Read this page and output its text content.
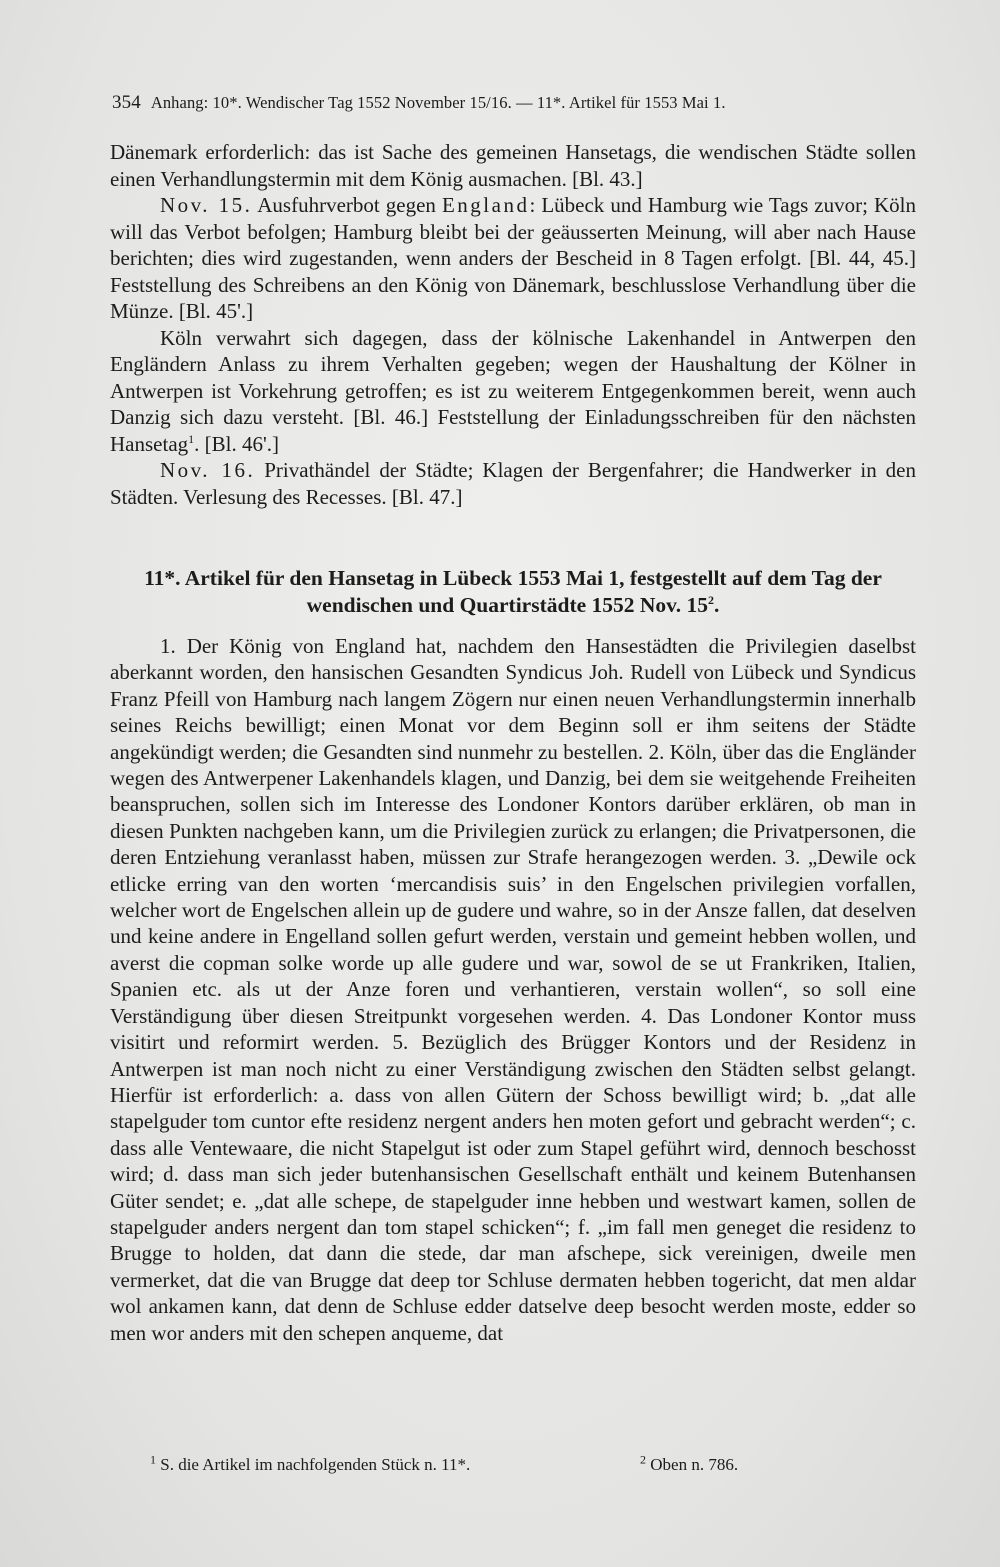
354 Anhang: 10*. Wendischer Tag 1552 November 15/16. — 11*. Artikel für 1553 Mai 1.

Dänemark erforderlich: das ist Sache des gemeinen Hansetags, die wendischen Städte sollen einen Verhandlungstermin mit dem König ausmachen. [Bl. 43.]

Nov. 15. Ausfuhrverbot gegen England: Lübeck und Hamburg wie Tags zuvor; Köln will das Verbot befolgen; Hamburg bleibt bei der geäusserten Meinung, will aber nach Hause berichten; dies wird zugestanden, wenn anders der Bescheid in 8 Tagen erfolgt. [Bl. 44, 45.] Feststellung des Schreibens an den König von Dänemark, beschlusslose Verhandlung über die Münze. [Bl. 45'.]

Köln verwahrt sich dagegen, dass der kölnische Lakenhandel in Antwerpen den Engländern Anlass zu ihrem Verhalten gegeben; wegen der Haushaltung der Kölner in Antwerpen ist Vorkehrung getroffen; es ist zu weiterem Entgegenkommen bereit, wenn auch Danzig sich dazu versteht. [Bl. 46.] Feststellung der Einladungsschreiben für den nächsten Hansetag$^1$. [Bl. 46'.]

Nov. 16. Privathändel der Städte; Klagen der Bergenfahrer; die Handwerker in den Städten. Verlesung des Recesses. [Bl. 47.]

11*. Artikel für den Hansetag in Lübeck 1553 Mai 1, festgestellt auf dem Tag der wendischen und Quartirstädte 1552 Nov. $15^2$.

1. Der König von England hat, nachdem den Hansestädten die Privilegien daselbst aberkannt worden, den hansischen Gesandten Syndicus Joh. Rudell von Lübeck und Syndicus Franz Pfeill von Hamburg nach langem Zögern nur einen neuen Verhandlungstermin innerhalb seines Reichs bewilligt; einen Monat vor dem Beginn soll er ihm seitens der Städte angekündigt werden; die Gesandten sind nunmehr zu bestellen. 2. Köln, über das die Engländer wegen des Antwerpener Lakenhandels klagen, und Danzig, bei dem sie weitgehende Freiheiten beanspruchen, sollen sich im Interesse des Londoner Kontors darüber erklären, ob man in diesen Punkten nachgeben kann, um die Privilegien zurück zu erlangen; die Privatpersonen, die deren Entziehung veranlasst haben, müssen zur Strafe herangezogen werden. 3. „Dewile ock etlicke erring van den worten ‘mercandisis suis’ in den Engelschen privilegien vorfallen, welcher wort de Engelschen allein up de gudere und wahre, so in der Ansze fallen, dat deselven und keine andere in Engelland sollen gefurt werden, verstain und gemeint hebben wollen, und averst die copman solke worde up alle gudere und war, sowol de se ut Frankriken, Italien, Spanien etc. als ut der Anze foren und verhantieren, verstain wollen“, so soll eine Verständigung über diesen Streitpunkt vorgesehen werden. 4. Das Londoner Kontor muss visitirt und reformirt werden. 5. Bezüglich des Brügger Kontors und der Residenz in Antwerpen ist man noch nicht zu einer Verständigung zwischen den Städten selbst gelangt. Hierfür ist erforderlich: a. dass von allen Gütern der Schoss bewilligt wird; b. „dat alle stapelguder tom cuntor efte residenz nergent anders hen moten gefort und gebracht werden“; c. dass alle Ventewaare, die nicht Stapelgut ist oder zum Stapel geführt wird, dennoch beschosst wird; d. dass man sich jeder butenhansischen Gesellschaft enthält und keinem Butenhansen Güter sendet; e. „dat alle schepe, de stapelguder inne hebben und westwart kamen, sollen de stapelguder anders nergent dan tom stapel schicken“; f. „im fall men geneget die residenz to Brugge to holden, dat dann die stede, dar man afschepe, sick vereinigen, dweile men vermerket, dat die van Brugge dat deep tor Schluse dermaten hebben togericht, dat men aldar wol ankamen kann, dat denn de Schluse edder datselve deep besocht werden moste, edder so men wor anders mit den schepen anqueme, dat

$^1$ S. die Artikel im nachfolgenden Stück n. 11*.	$^2$ Oben n. 786.
